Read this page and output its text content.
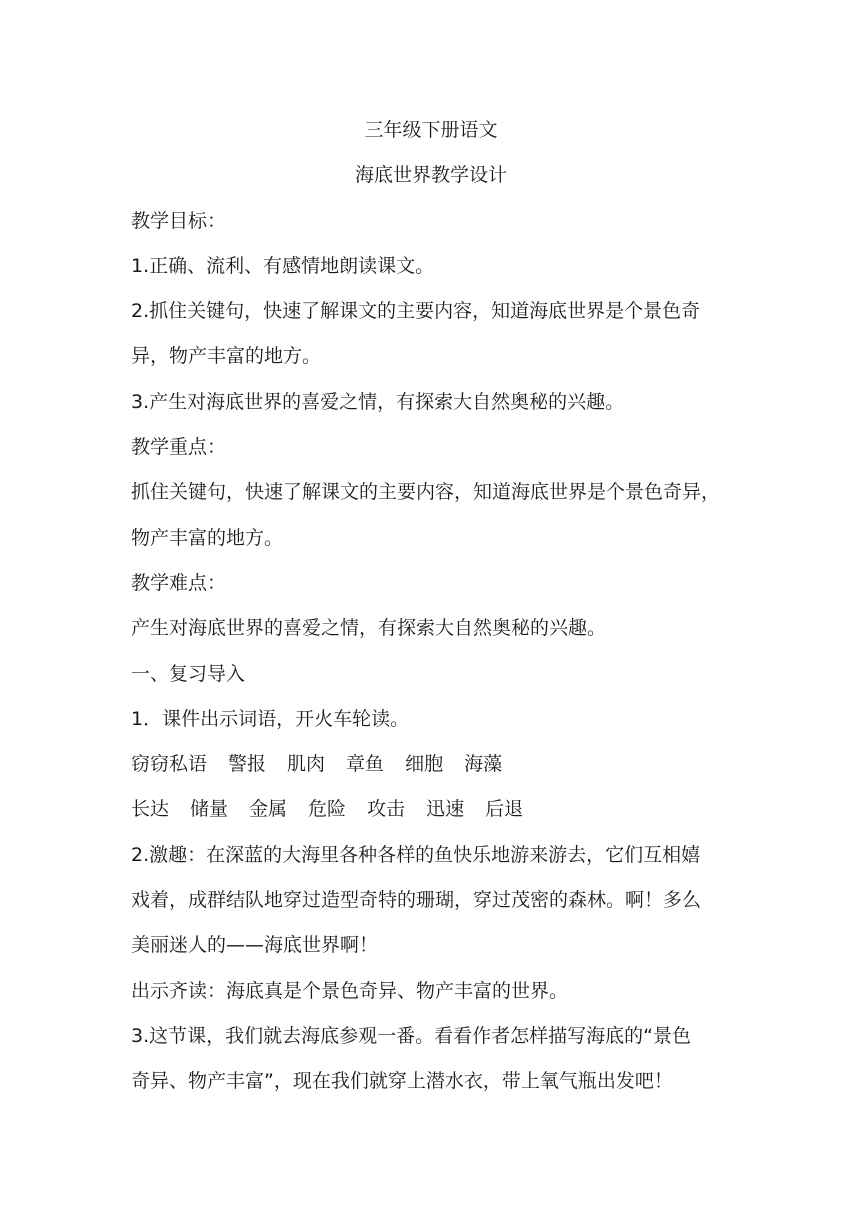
三年级下册语文
海底世界教学设计
教学目标：
1.正确、流利、有感情地朗读课文。
2.抓住关键句，快速了解课文的主要内容，知道海底世界是个景色奇
异，物产丰富的地方。
3.产生对海底世界的喜爱之情，有探索大自然奥秘的兴趣。
教学重点：
抓住关键句，快速了解课文的主要内容，知道海底世界是个景色奇异，
物产丰富的地方。
教学难点：
产生对海底世界的喜爱之情，有探索大自然奥秘的兴趣。
一、复习导入
1．课件出示词语，开火车轮读。
窃窃私语 警报 肌肉 章鱼 细胞 海藻
长达 储量 金属 危险 攻击 迅速 后退
2.激趣：在深蓝的大海里各种各样的鱼快乐地游来游去，它们互相嬉
戏着，成群结队地穿过造型奇特的珊瑚，穿过茂密的森林。啊！多么
美丽迷人的——海底世界啊！
出示齐读：海底真是个景色奇异、物产丰富的世界。
3.这节课，我们就去海底参观一番。看看作者怎样描写海底的“景色
奇异、物产丰富”，现在我们就穿上潜水衣，带上氧气瓶出发吧！
